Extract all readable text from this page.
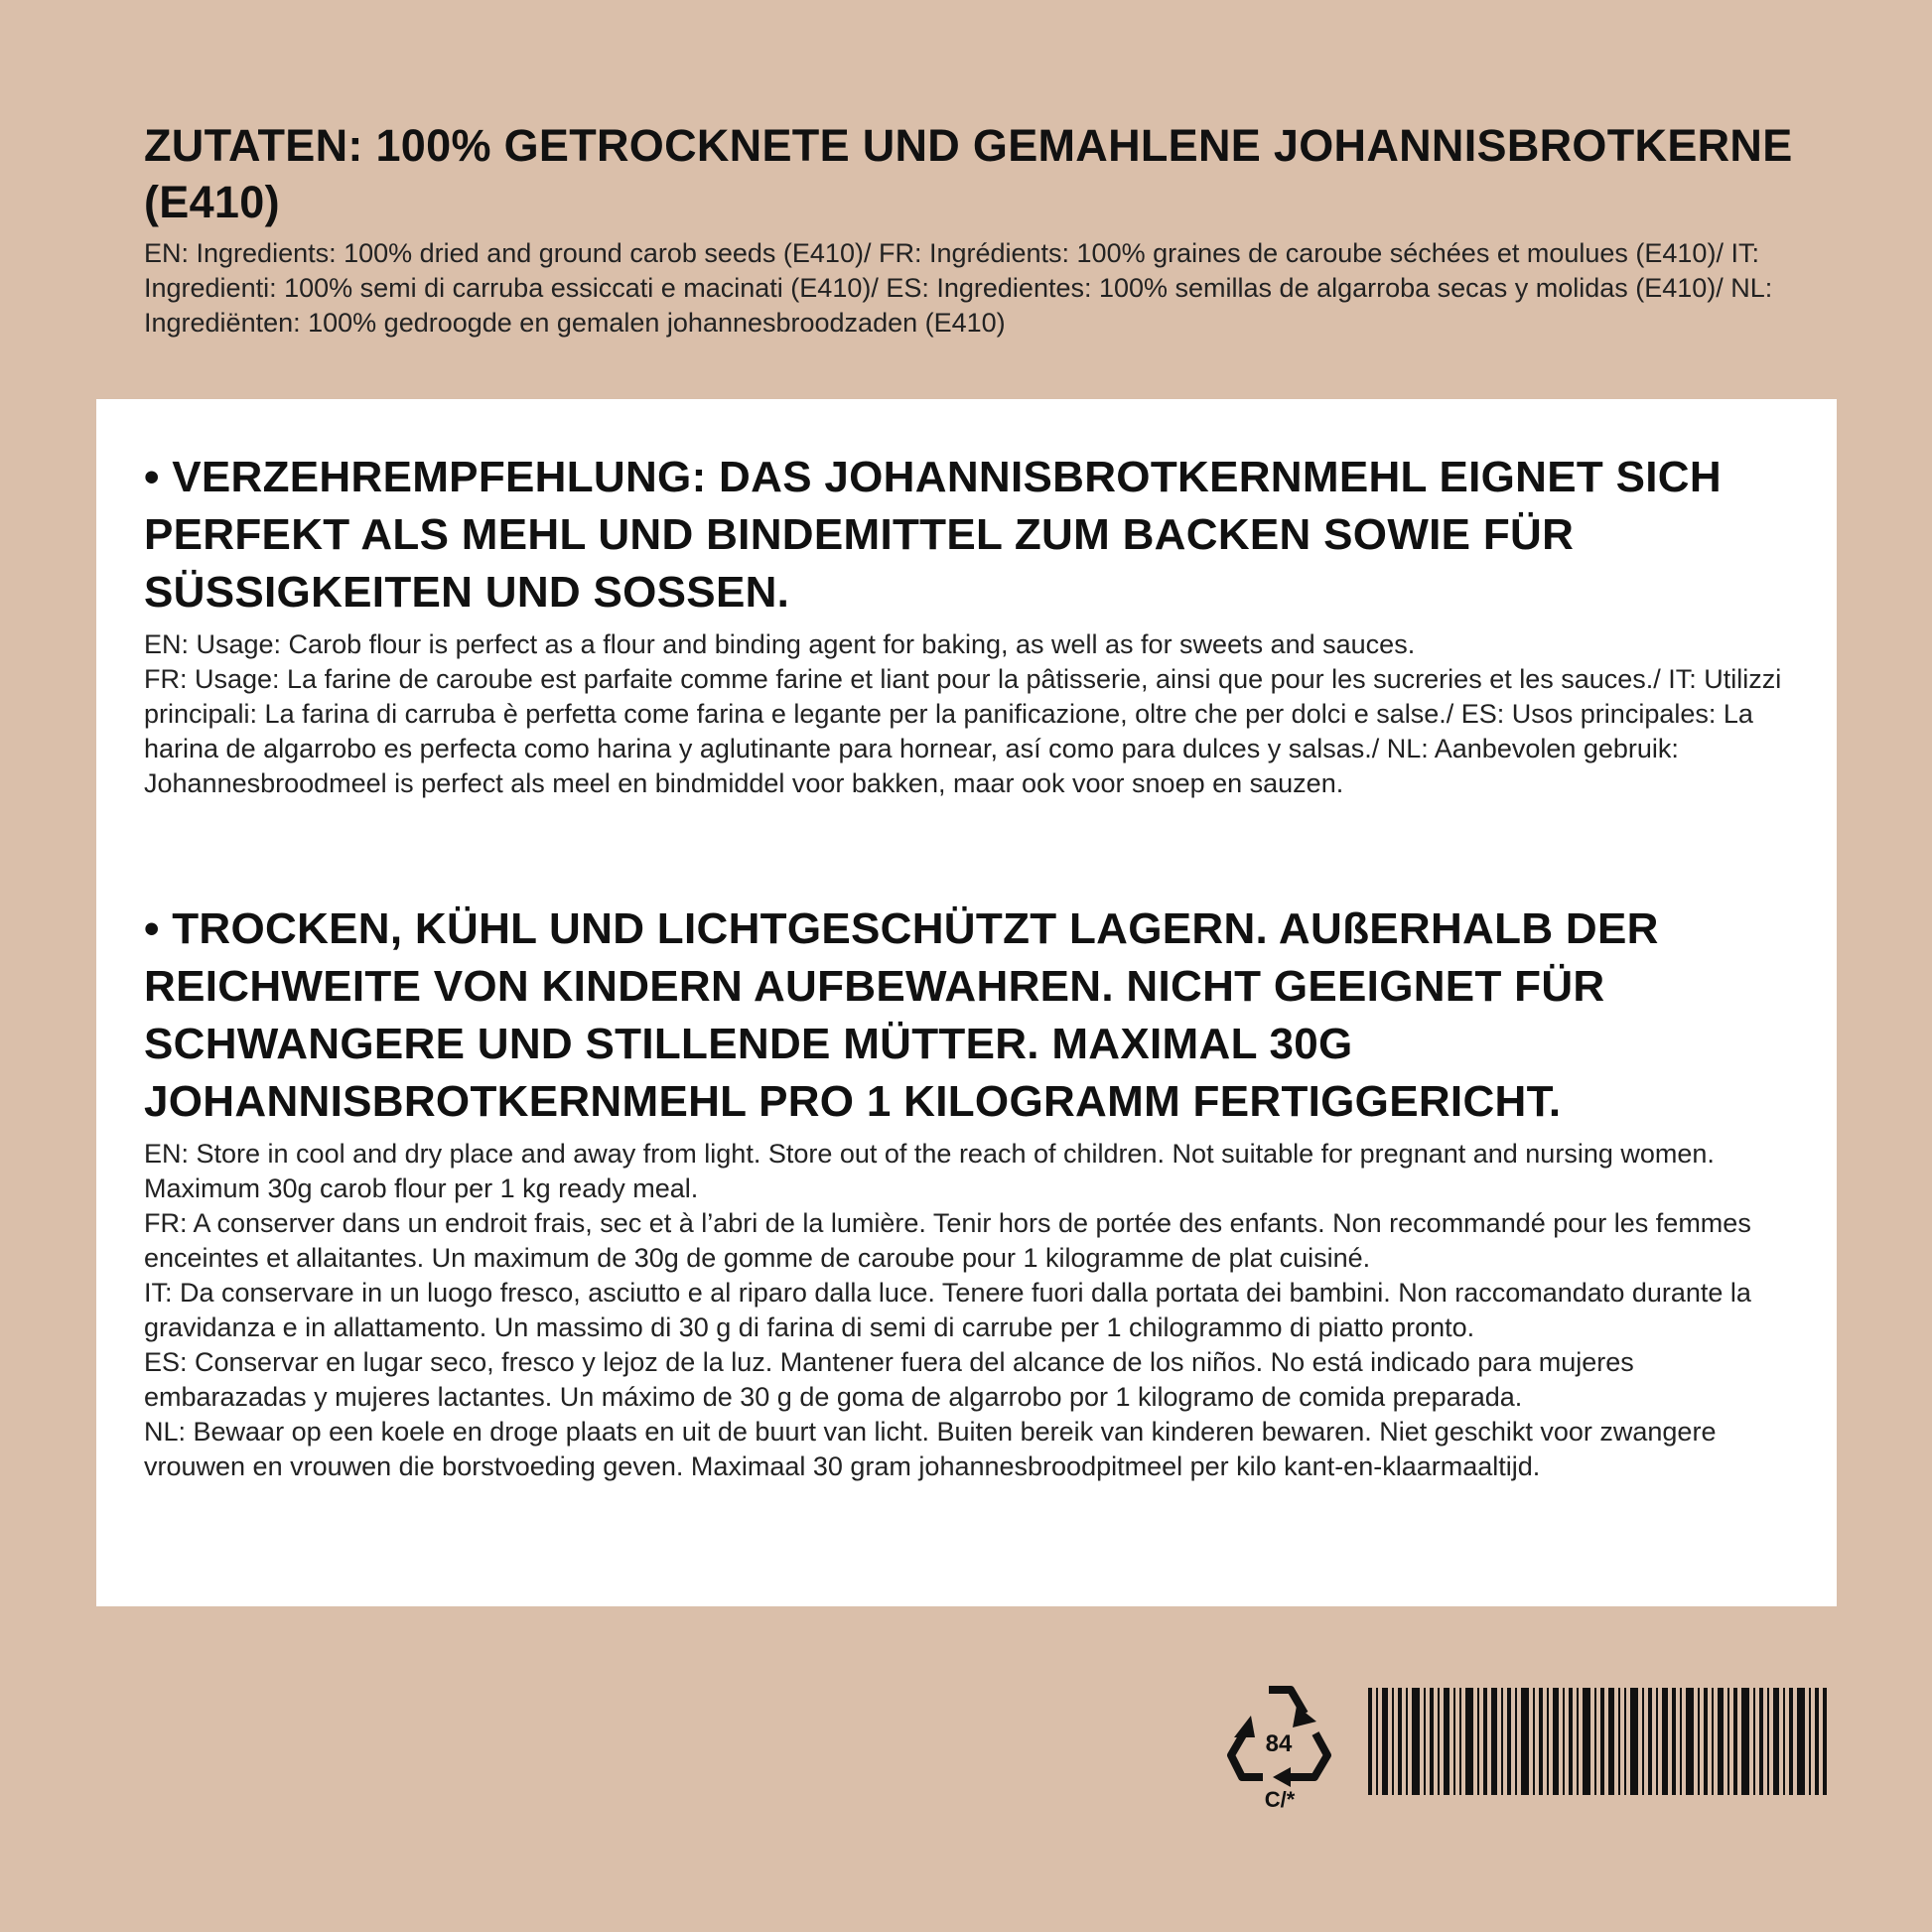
ZUTATEN: 100% GETROCKNETE UND GEMAHLENE JOHANNISBROTKERNE (E410)

EN: Ingredients: 100% dried and ground carob seeds (E410)/ FR: Ingrédients: 100% graines de caroube séchées et moulues (E410)/ IT: Ingredienti: 100% semi di carruba essiccati e macinati (E410)/ ES: Ingredientes: 100% semillas de algarroba secas y molidas (E410)/ NL: Ingrediënten: 100% gedroogde en gemalen johannesbroodzaden (E410)

• VERZEHREMPFEHLUNG: DAS JOHANNISBROTKERNMEHL EIGNET SICH PERFEKT ALS MEHL UND BINDEMITTEL ZUM BACKEN SOWIE FÜR SÜSSIGKEITEN UND SOSSEN.

EN: Usage: Carob flour is perfect as a flour and binding agent for baking, as well as for sweets and sauces.

FR: Usage: La farine de caroube est parfaite comme farine et liant pour la pâtisserie, ainsi que pour les sucreries et les sauces./ IT: Utilizzi principali: La farina di carruba è perfetta come farina e legante per la panificazione, oltre che per dolci e salse./ ES: Usos principales: La harina de algarrobo es perfecta como harina y aglutinante para hornear, así como para dulces y salsas./ NL: Aanbevolen gebruik: Johannesbroodmeel is perfect als meel en bindmiddel voor bakken, maar ook voor snoep en sauzen.

• TROCKEN, KÜHL UND LICHTGESCHÜTZT LAGERN. AUßERHALB DER REICHWEITE VON KINDERN AUFBEWAHREN. NICHT GEEIGNET FÜR SCHWANGERE UND STILLENDE MÜTTER. MAXIMAL 30G JOHANNISBROTKERNMEHL PRO 1 KILOGRAMM FERTIGGERICHT.

EN: Store in cool and dry place and away from light. Store out of the reach of children. Not suitable for pregnant and nursing women. Maximum 30g carob flour per 1 kg ready meal.

FR: A conserver dans un endroit frais, sec et à l’abri de la lumière. Tenir hors de portée des enfants. Non recommandé pour les femmes enceintes et allaitantes. Un maximum de 30g de gomme de caroube pour 1 kilogramme de plat cuisiné.

IT: Da conservare in un luogo fresco, asciutto e al riparo dalla luce. Tenere fuori dalla portata dei bambini. Non raccomandato durante la gravidanza e in allattamento. Un massimo di 30 g di farina di semi di carrube per 1 chilogrammo di piatto pronto.

ES: Conservar en lugar seco, fresco y lejoz de la luz. Mantener fuera del alcance de los niños. No está indicado para mujeres embarazadas y mujeres lactantes. Un máximo de 30 g de goma de algarrobo por 1 kilogramo de comida preparada.

NL: Bewaar op een koele en droge plaats en uit de buurt van licht. Buiten bereik van kinderen bewaren. Niet geschikt voor zwangere vrouwen en vrouwen die borstvoeding geven. Maximaal 30 gram johannesbroodpitmeel per kilo kant-en-klaarmaaltijd.

84
C/*
